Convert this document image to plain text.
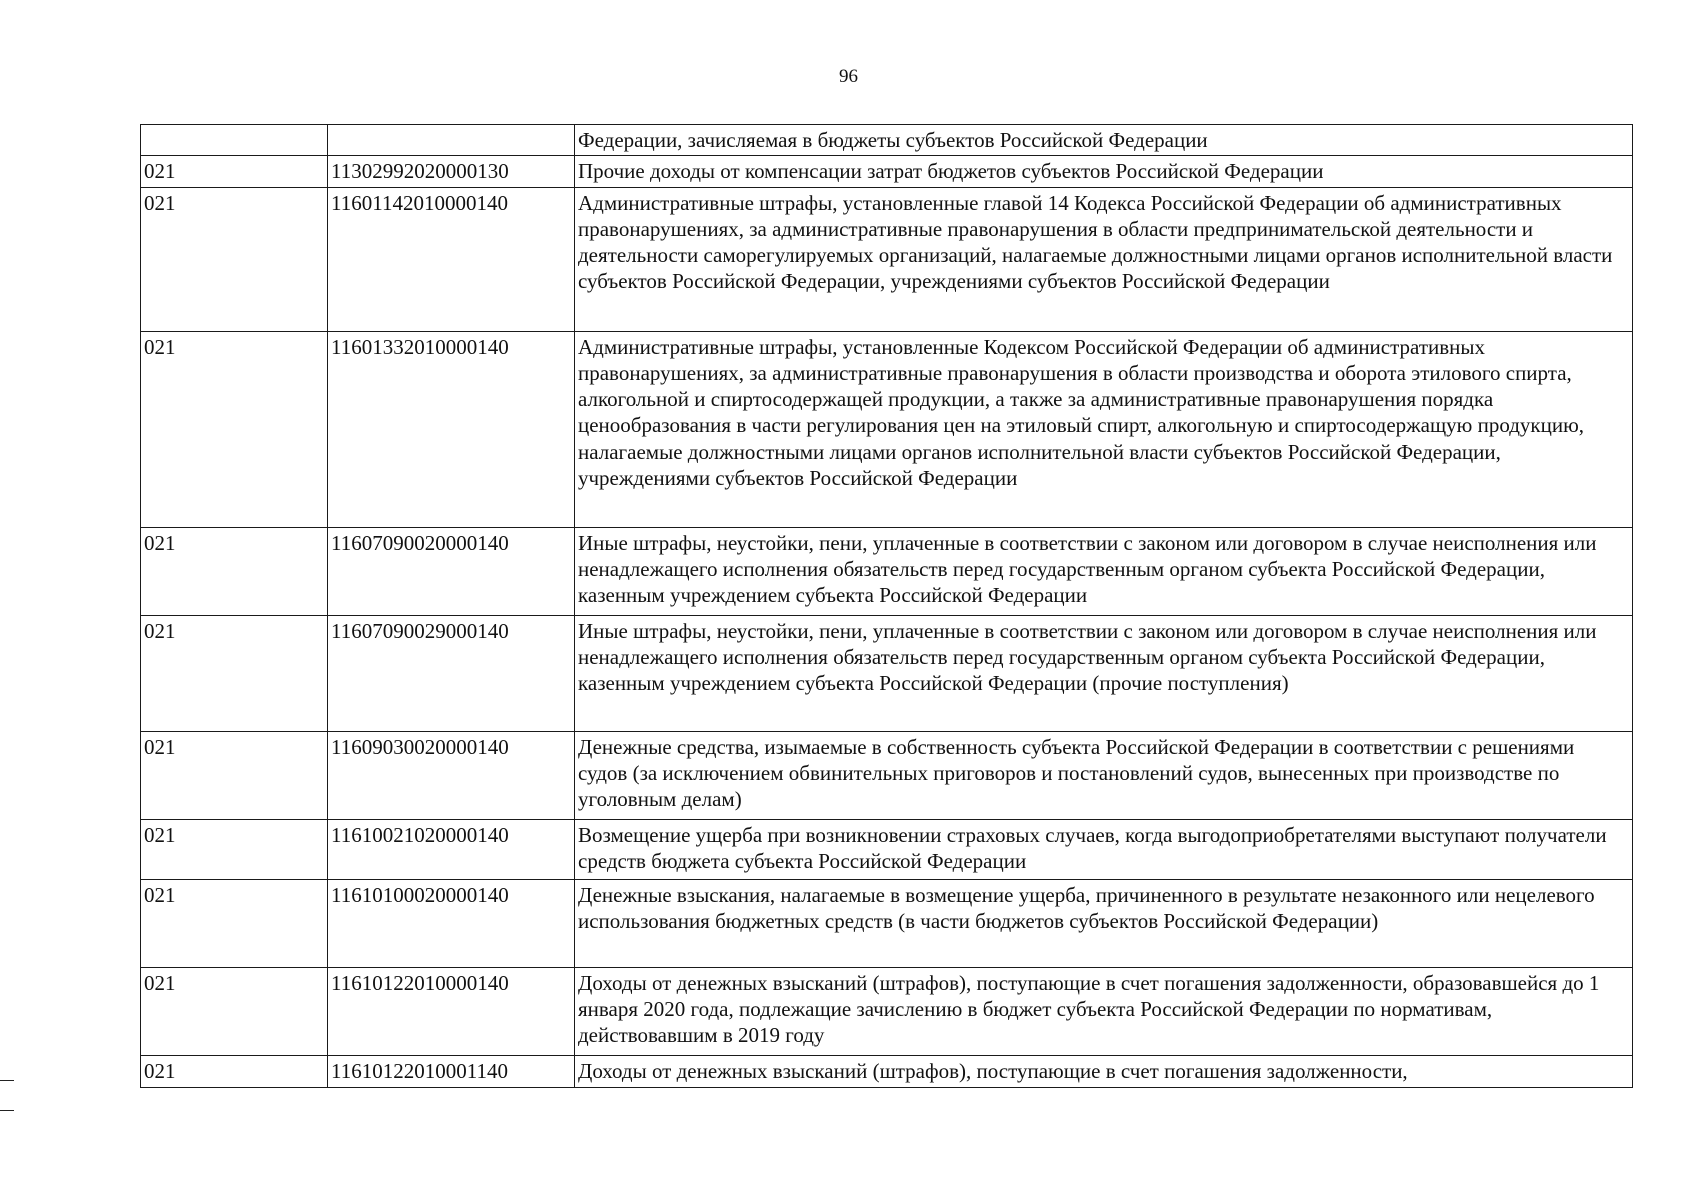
96
		Федерации, зачисляемая в бюджеты субъектов Российской Федерации
021	11302992020000130	Прочие доходы от компенсации затрат бюджетов субъектов Российской Федерации
021	11601142010000140	Административные штрафы, установленные главой 14 Кодекса Российской Федерации об административных правонарушениях, за административные правонарушения в области предпринимательской деятельности и деятельности саморегулируемых организаций, налагаемые должностными лицами органов исполнительной власти субъектов Российской Федерации, учреждениями субъектов Российской Федерации
021	11601332010000140	Административные штрафы, установленные Кодексом Российской Федерации об административных правонарушениях, за административные правонарушения в области производства и оборота этилового спирта, алкогольной и спиртосодержащей продукции, а также за административные правонарушения порядка ценообразования в части регулирования цен на этиловый спирт, алкогольную и спиртосодержащую продукцию, налагаемые должностными лицами органов исполнительной власти субъектов Российской Федерации, учреждениями субъектов Российской Федерации
021	11607090020000140	Иные штрафы, неустойки, пени, уплаченные в соответствии с законом или договором в случае неисполнения или ненадлежащего исполнения обязательств перед государственным органом субъекта Российской Федерации, казенным учреждением субъекта Российской Федерации
021	11607090029000140	Иные штрафы, неустойки, пени, уплаченные в соответствии с законом или договором в случае неисполнения или ненадлежащего исполнения обязательств перед государственным органом субъекта Российской Федерации, казенным учреждением субъекта Российской Федерации (прочие поступления)
021	11609030020000140	Денежные средства, изымаемые в собственность субъекта Российской Федерации в соответствии с решениями судов (за исключением обвинительных приговоров и постановлений судов, вынесенных при производстве по уголовным делам)
021	11610021020000140	Возмещение ущерба при возникновении страховых случаев, когда выгодоприобретателями выступают получатели средств бюджета субъекта Российской Федерации
021	11610100020000140	Денежные взыскания, налагаемые в возмещение ущерба, причиненного в результате незаконного или нецелевого использования бюджетных средств (в части бюджетов субъектов Российской Федерации)
021	11610122010000140	Доходы от денежных взысканий (штрафов), поступающие в счет погашения задолженности, образовавшейся до 1 января 2020 года, подлежащие зачислению в бюджет субъекта Российской Федерации по нормативам, действовавшим в 2019 году
021	11610122010001140	Доходы от денежных взысканий (штрафов), поступающие в счет погашения задолженности,
